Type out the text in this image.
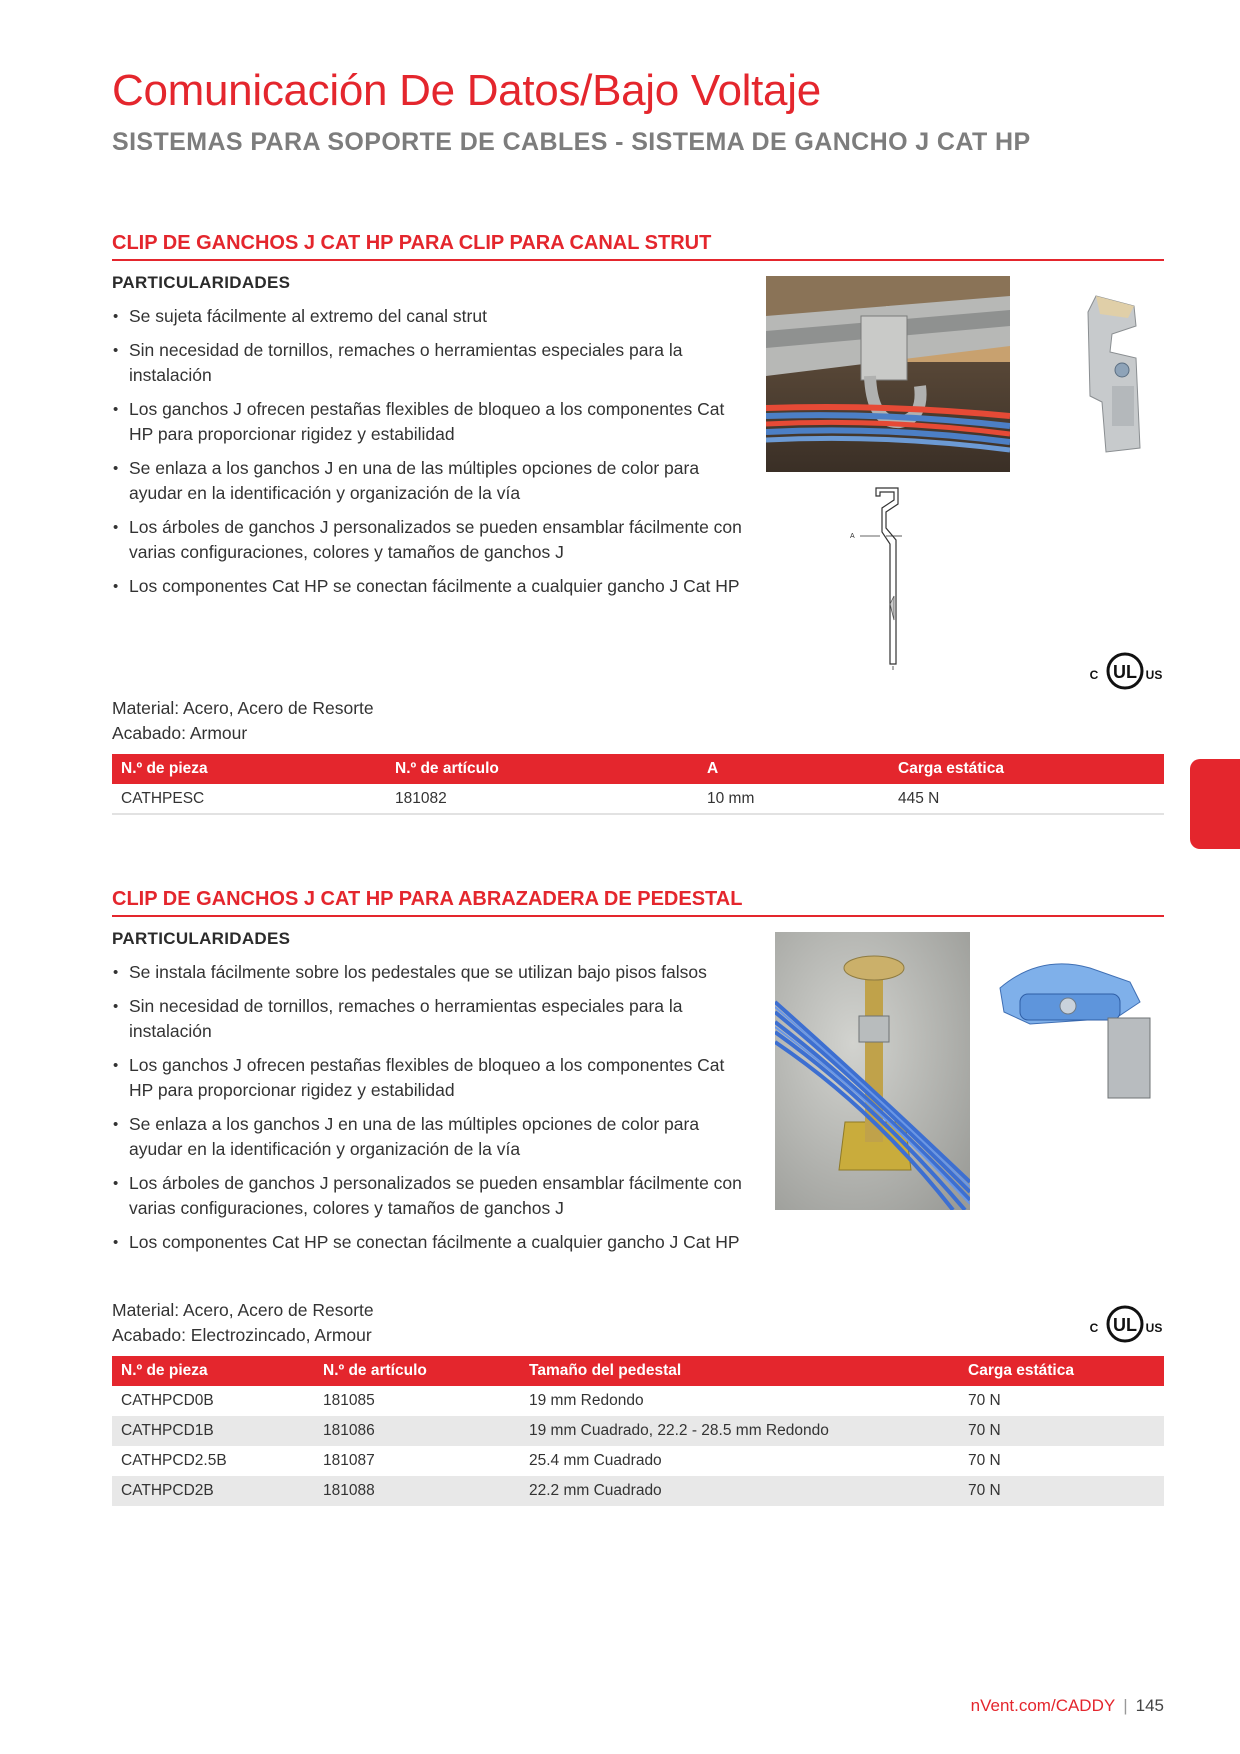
Comunicación De Datos/Bajo Voltaje
SISTEMAS PARA SOPORTE DE CABLES - SISTEMA DE GANCHO J CAT HP
CLIP DE GANCHOS J CAT HP PARA CLIP PARA CANAL STRUT
PARTICULARIDADES
• Se sujeta fácilmente al extremo del canal strut
• Sin necesidad de tornillos, remaches o herramientas especiales para la instalación
• Los ganchos J ofrecen pestañas flexibles de bloqueo a los componentes Cat HP para proporcionar rigidez y estabilidad
• Se enlaza a los ganchos J en una de las múltiples opciones de color para ayudar en la identificación y organización de la vía
• Los árboles de ganchos J personalizados se pueden ensamblar fácilmente con varias configuraciones, colores y tamaños de ganchos J
• Los componentes Cat HP se conectan fácilmente a cualquier gancho J Cat HP
A
UL
C	US
Material: Acero, Acero de Resorte
Acabado: Armour
N.º de pieza	N.º de artículo	A	Carga estática
CATHPESC	181082	10 mm	445 N
CLIP DE GANCHOS J CAT HP PARA ABRAZADERA DE PEDESTAL
PARTICULARIDADES
• Se instala fácilmente sobre los pedestales que se utilizan bajo pisos falsos
• Sin necesidad de tornillos, remaches o herramientas especiales para la instalación
• Los ganchos J ofrecen pestañas flexibles de bloqueo a los componentes Cat HP para proporcionar rigidez y estabilidad
• Se enlaza a los ganchos J en una de las múltiples opciones de color para ayudar en la identificación y organización de la vía
• Los árboles de ganchos J personalizados se pueden ensamblar fácilmente con varias configuraciones, colores y tamaños de ganchos J
• Los componentes Cat HP se conectan fácilmente a cualquier gancho J Cat HP
UL
C	US
Material: Acero, Acero de Resorte
Acabado: Electrozincado, Armour
N.º de pieza	N.º de artículo	Tamaño del pedestal	Carga estática
CATHPCD0B	181085	19 mm Redondo	70 N
CATHPCD1B	181086	19 mm Cuadrado, 22.2 - 28.5 mm Redondo	70 N
CATHPCD2.5B	181087	25.4 mm Cuadrado	70 N
CATHPCD2B	181088	22.2 mm Cuadrado	70 N
nVent.com/CADDY | 145
